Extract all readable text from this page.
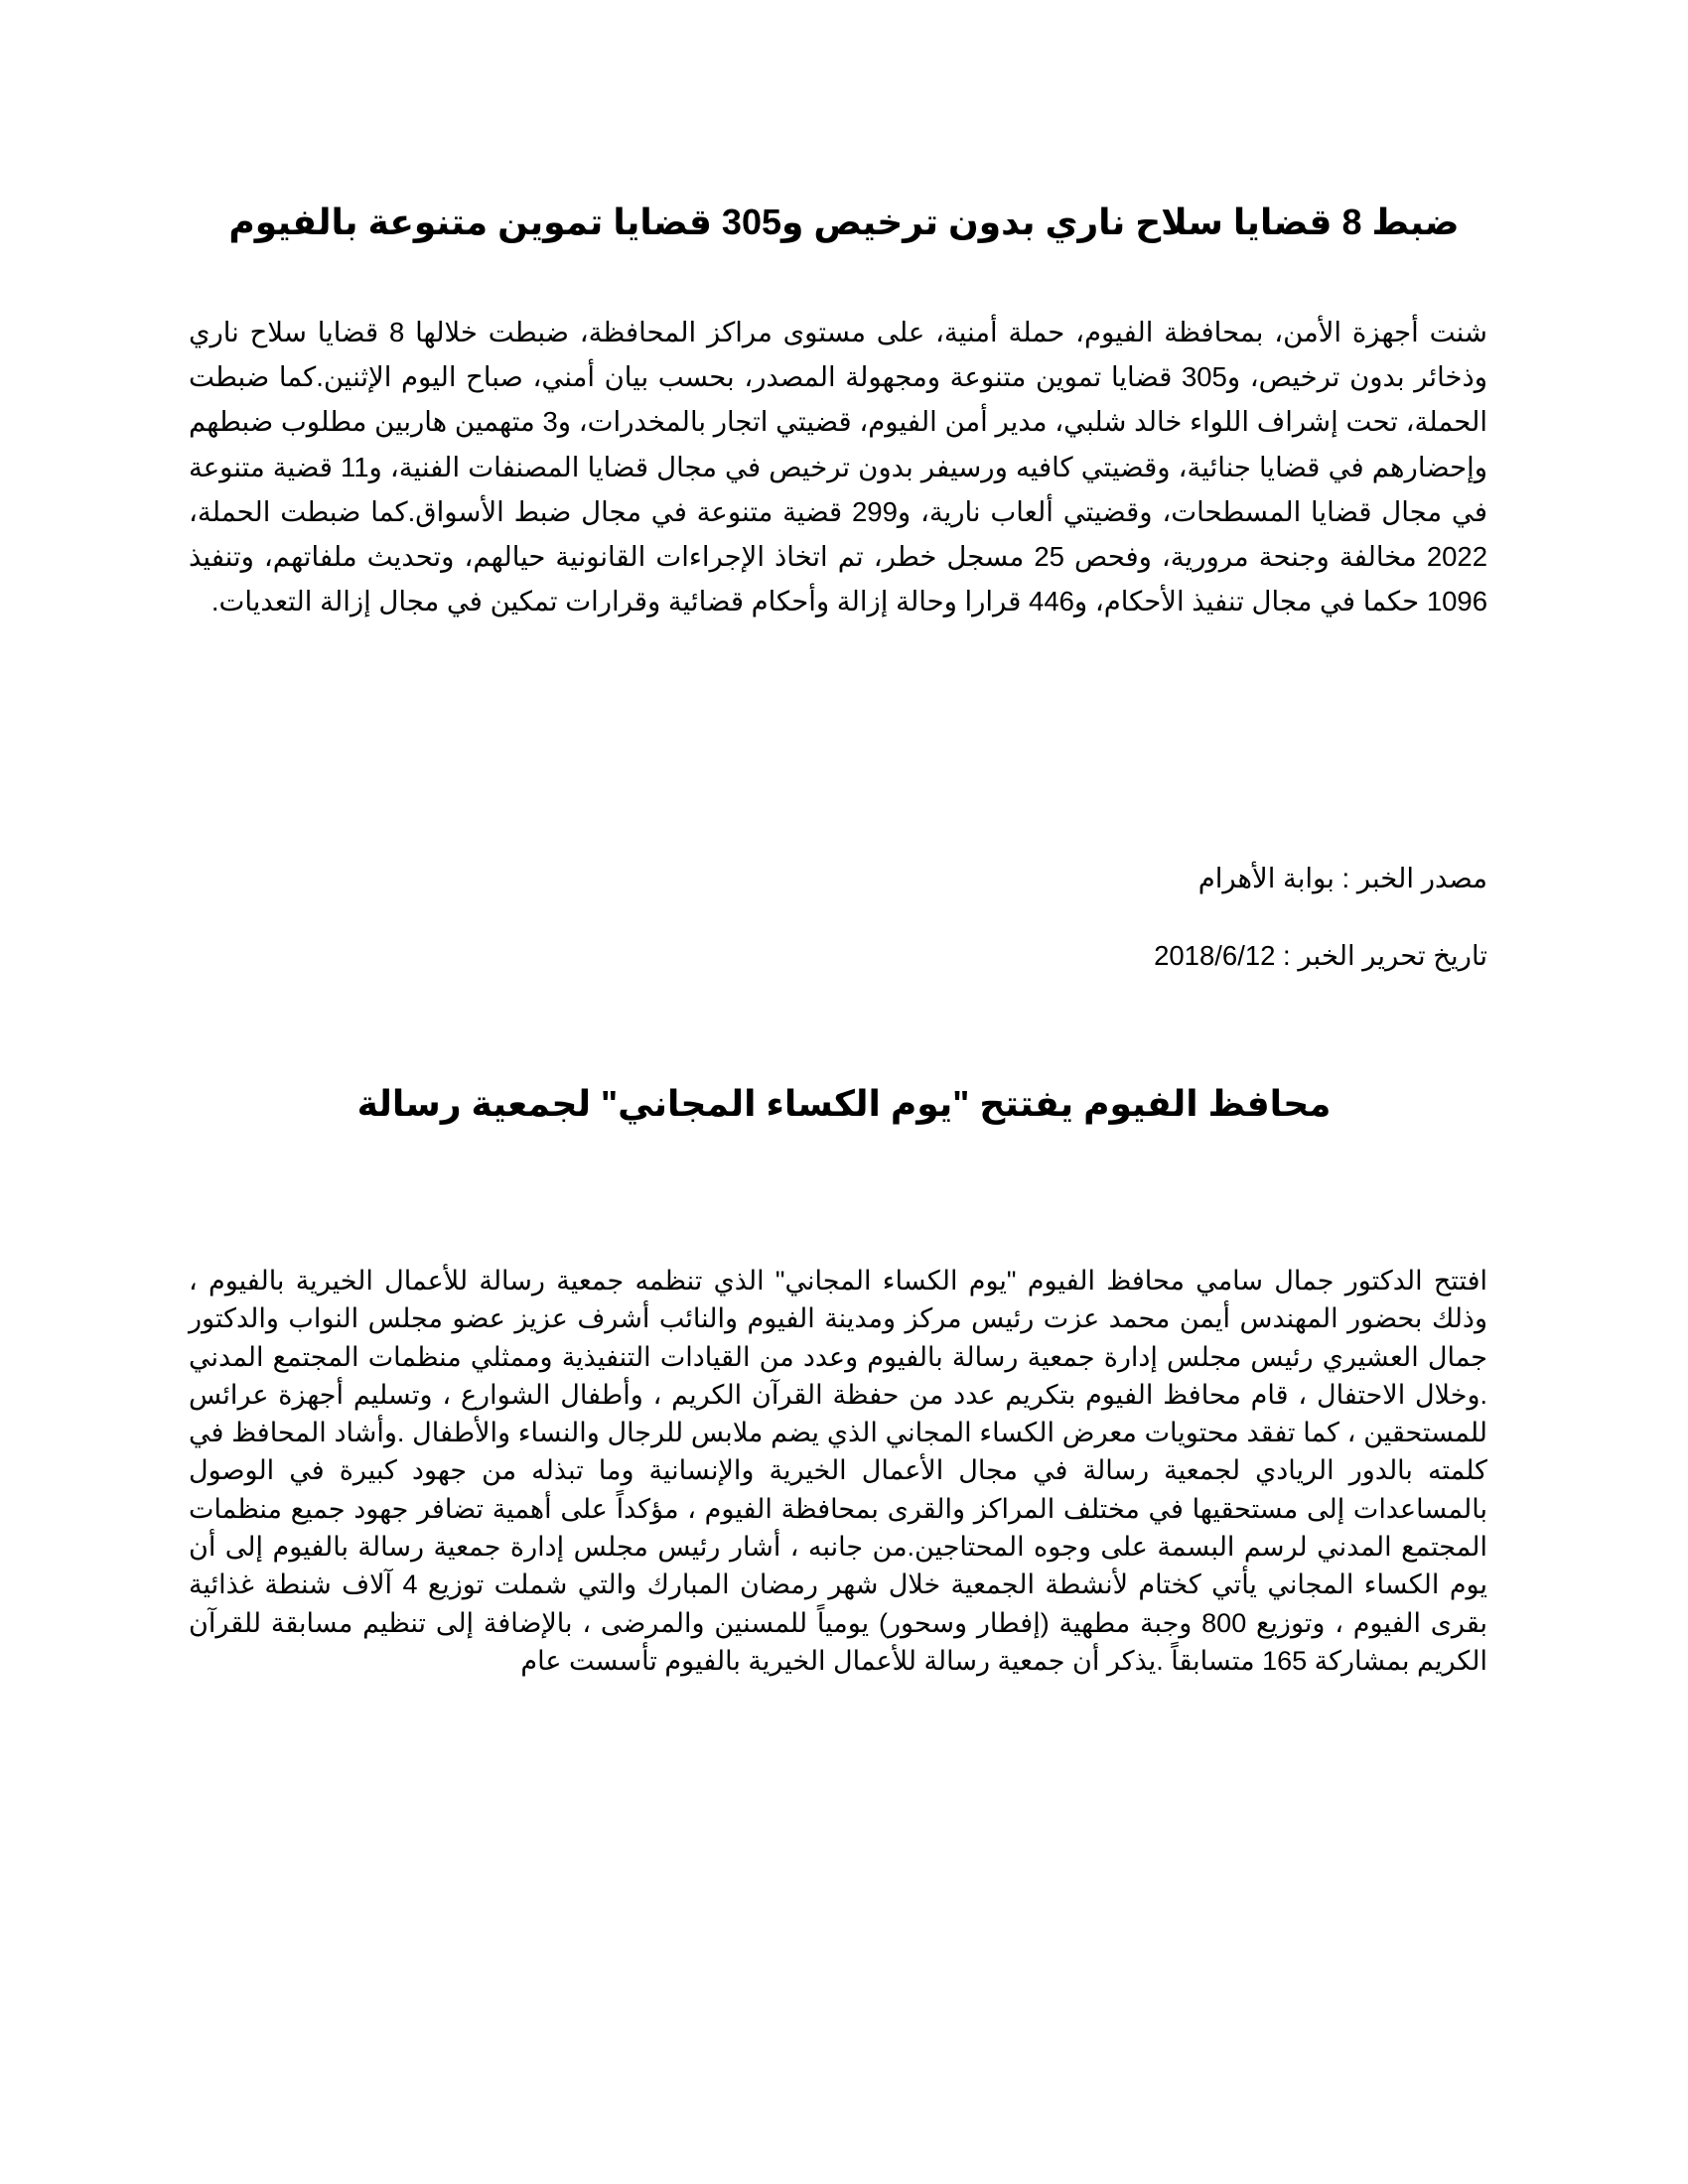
ضبط 8 قضايا سلاح ناري بدون ترخيص و305 قضايا تموين متنوعة بالفيوم

شنت أجهزة الأمن، بمحافظة الفيوم، حملة أمنية، على مستوى مراكز المحافظة، ضبطت خلالها 8 قضايا سلاح ناري وذخائر بدون ترخيص، و305 قضايا تموين متنوعة ومجهولة المصدر، بحسب بيان أمني، صباح اليوم الإثنين.كما ضبطت الحملة، تحت إشراف اللواء خالد شلبي، مدير أمن الفيوم، قضيتي اتجار بالمخدرات، و3 متهمين هاربين مطلوب ضبطهم وإحضارهم في قضايا جنائية، وقضيتي كافيه ورسيفر بدون ترخيص في مجال قضايا المصنفات الفنية، و11 قضية متنوعة في مجال قضايا المسطحات، وقضيتي ألعاب نارية، و299 قضية متنوعة في مجال ضبط الأسواق.كما ضبطت الحملة، 2022 مخالفة وجنحة مرورية، وفحص 25 مسجل خطر، تم اتخاذ الإجراءات القانونية حيالهم، وتحديث ملفاتهم، وتنفيذ 1096 حكما في مجال تنفيذ الأحكام، و446 قرارا وحالة إزالة وأحكام قضائية وقرارات تمكين في مجال إزالة التعديات.

مصدر الخبر : بوابة الأهرام

تاريخ تحرير الخبر : 2018/6/12

محافظ الفيوم يفتتح "يوم الكساء المجاني" لجمعية رسالة

افتتح الدكتور جمال سامي محافظ الفيوم "يوم الكساء المجاني" الذي تنظمه جمعية رسالة للأعمال الخيرية بالفيوم ، وذلك بحضور المهندس أيمن محمد عزت رئيس مركز ومدينة الفيوم والنائب أشرف عزيز عضو مجلس النواب والدكتور جمال العشيري رئيس مجلس إدارة جمعية رسالة بالفيوم وعدد من القيادات التنفيذية وممثلي منظمات المجتمع المدني .وخلال الاحتفال ، قام محافظ الفيوم بتكريم عدد من حفظة القرآن الكريم ، وأطفال الشوارع ، وتسليم أجهزة عرائس للمستحقين ، كما تفقد محتويات معرض الكساء المجاني الذي يضم ملابس للرجال والنساء والأطفال .وأشاد المحافظ في كلمته بالدور الريادي لجمعية رسالة في مجال الأعمال الخيرية والإنسانية وما تبذله من جهود كبيرة في الوصول بالمساعدات إلى مستحقيها في مختلف المراكز والقرى بمحافظة الفيوم ، مؤكداً على أهمية تضافر جهود جميع منظمات المجتمع المدني لرسم البسمة على وجوه المحتاجين.من جانبه ، أشار رئيس مجلس إدارة جمعية رسالة بالفيوم إلى أن يوم الكساء المجاني يأتي كختام لأنشطة الجمعية خلال شهر رمضان المبارك والتي شملت توزيع 4 آلاف شنطة غذائية بقرى الفيوم ، وتوزيع 800 وجبة مطهية (إفطار وسحور) يومياً للمسنين والمرضى ، بالإضافة إلى تنظيم مسابقة للقرآن الكريم بمشاركة 165 متسابقاً .يذكر أن جمعية رسالة للأعمال الخيرية بالفيوم تأسست عام
